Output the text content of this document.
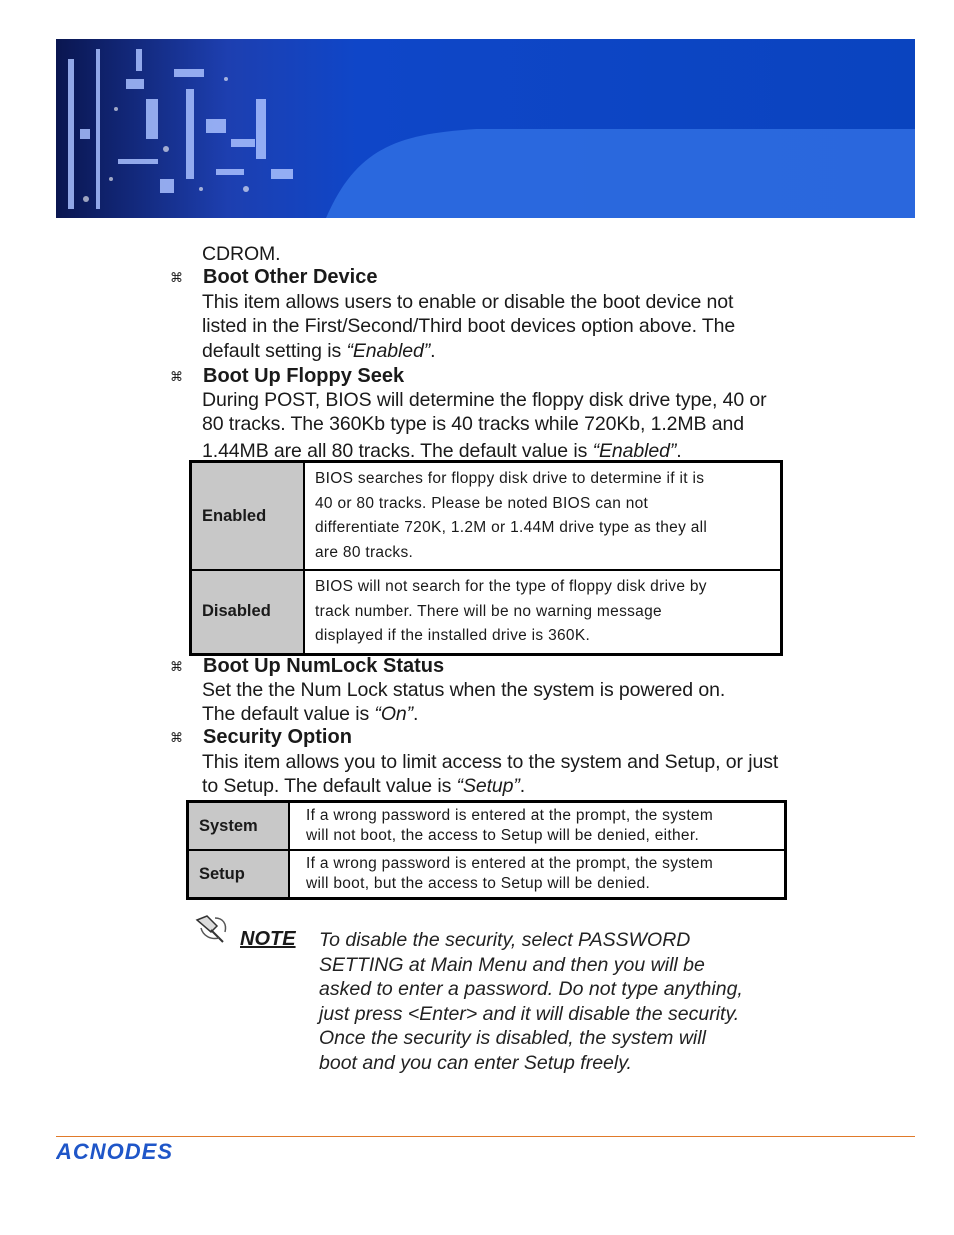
CDROM.
⌘ Boot Other Device
This item allows users to enable or disable the boot device not
listed in the First/Second/Third boot devices option above. The
default setting is “Enabled”.
⌘ Boot Up Floppy Seek
During POST, BIOS will determine the floppy disk drive type, 40 or
80 tracks. The 360Kb type is 40 tracks while 720Kb, 1.2MB and
1.44MB are all 80 tracks. The default value is “Enabled”.
Enabled	BIOS searches for floppy disk drive to determine if it is
40 or 80 tracks. Please be noted BIOS can not
differentiate 720K, 1.2M or 1.44M drive type as they all
are 80 tracks.

Disabled	BIOS will not search for the type of floppy disk drive by
track number. There will be no warning message
displayed if the installed drive is 360K.
⌘ Boot Up NumLock Status
Set the the Num Lock status when the system is powered on.
The default value is “On”.
⌘ Security Option
This item allows you to limit access to the system and Setup, or just
to Setup. The default value is “Setup”.
System	If a wrong password is entered at the prompt, the system
will not boot, the access to Setup will be denied, either.

Setup	If a wrong password is entered at the prompt, the system
will boot, but the access to Setup will be denied.
NOTE To disable the security, select PASSWORD
SETTING at Main Menu and then you will be
asked to enter a password. Do not type anything,
just press <Enter> and it will disable the security.
Once the security is disabled, the system will
boot and you can enter Setup freely.
ACNODES
